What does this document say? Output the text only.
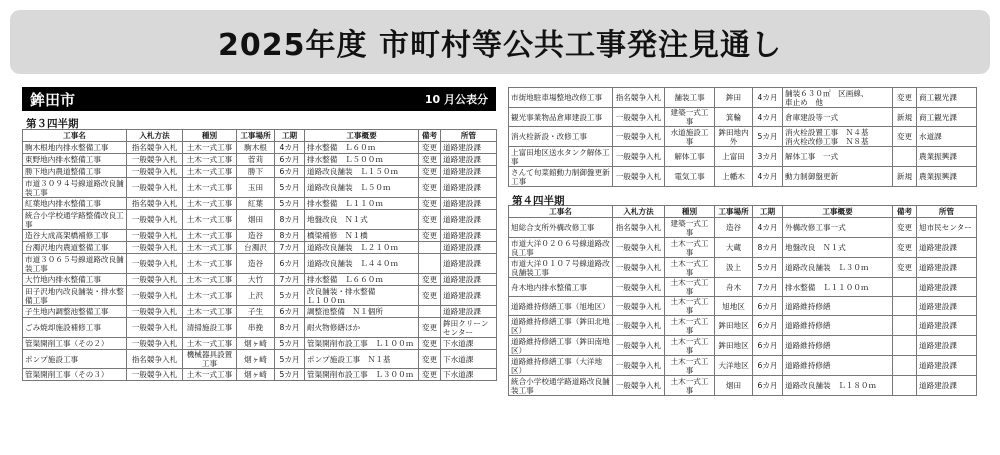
2025年度 市町村等公共工事発注見通し
鉾田市	10 月公表分
第３四半期
工事名	入札方法	種別	工事場所	工期	工事概要	備考	所管
駒木根地内排水整備工事	指名競争入札	土木一式工事	駒木根	4カ月	排水整備　Ｌ６０ｍ	変更	道路建設課
東野地内排水整備工事	一般競争入札	土木一式工事	菅苅	6カ月	排水整備　Ｌ５００ｍ	変更	道路建設課
勝下地内農道整備工事	一般競争入札	土木一式工事	勝下	6カ月	道路改良舗装　Ｌ１５０ｍ	変更	道路建設課
市道３０９４号線道路改良舗装工事	一般競争入札	土木一式工事	玉田	5カ月	道路改良舗装　Ｌ５０ｍ	変更	道路建設課
紅葉地内排水整備工事	指名競争入札	土木一式工事	紅葉	5カ月	排水整備　Ｌ１１０ｍ	変更	道路建設課
統合小学校通学路整備改良工事	一般競争入札	土木一式工事	烟田	8カ月	地盤改良　Ｎ１式	変更	道路建設課
造谷大成高架橋補修工事	一般競争入札	土木一式工事	造谷	8カ月	橋梁補修　Ｎ１橋	変更	道路建設課
台濁沢地内農道整備工事	一般競争入札	土木一式工事	台濁沢	7カ月	道路改良舗装　Ｌ２１０ｍ		道路建設課
市道３０６５号線道路改良舗装工事	一般競争入札	土木一式工事	造谷	6カ月	道路改良舗装　Ｌ４４０ｍ		道路建設課
大竹地内排水整備工事	一般競争入札	土木一式工事	大竹	7カ月	排水整備　Ｌ６６０ｍ	変更	道路建設課
田子沢地内改良舗装・排水整備工事	一般競争入札	土木一式工事	上沢	5カ月	改良舗装・排水整備
Ｌ１００ｍ	変更	道路建設課
子生地内調整池整備工事	一般競争入札	土木一式工事	子生	6カ月	調整池整備　Ｎ１個所		道路建設課
ごみ焼却施設補修工事	一般競争入札	清掃施設工事	串挽	8カ月	耐火物修繕ほか	変更	鉾田クリーンセンター
管渠開削工事（その２）	一般競争入札	土木一式工事	烟ヶ崎	5カ月	管渠開削布設工事　Ｌ１００ｍ	変更	下水道課
ポンプ施設工事	指名競争入札	機械器具設置工事	烟ヶ崎	5カ月	ポンプ施設工事　Ｎ１基	変更	下水道課
管渠開削工事（その３）	一般競争入札	土木一式工事	烟ヶ崎	5カ月	管渠開削布設工事　Ｌ３００ｍ	変更	下水道課
市街地駐車場整地改修工事	指名競争入札	舗装工事	鉾田	4カ月	舗装６３０㎡　区画線、
車止め　他	変更	商工観光課
観光事業物品倉庫建設工事	一般競争入札	建築一式工事	箕輪	4カ月	倉庫建設等一式	新規	商工観光課
消火栓新設・改修工事	一般競争入札	水道施設工事	鉾田地内外	5カ月	消火栓設置工事　Ｎ４基
消火栓改修工事　Ｎ８基	変更	水道課
上富田地区送水タンク解体工事	一般競争入札	解体工事	上富田	3カ月	解体工事　一式		農業振興課
さんて旬菜館動力制御盤更新工事	一般競争入札	電気工事	上幡木	4カ月	動力制御盤更新	新規	農業振興課
第４四半期
工事名	入札方法	種別	工事場所	工期	工事概要	備考	所管
旭総合支所外構改修工事	指名競争入札	建築一式工事	造谷	4カ月	外構改修工事一式	変更	旭市民センター
市道大洋０２０６号線道路改良工事	一般競争入札	土木一式工事	大蔵	8カ月	地盤改良　Ｎ１式	変更	道路建設課
市道大洋０１０７号線道路改良舗装工事	一般競争入札	土木一式工事	汲上	5カ月	道路改良舗装　Ｌ３０ｍ	変更	道路建設課
舟木地内排水整備工事	一般競争入札	土木一式工事	舟木	7カ月	排水整備　Ｌ１１００ｍ		道路建設課
道路維持修繕工事（旭地区）	一般競争入札	土木一式工事	旭地区	6カ月	道路維持修繕		道路建設課
道路維持修繕工事（鉾田北地区）	一般競争入札	土木一式工事	鉾田地区	6カ月	道路維持修繕		道路建設課
道路維持修繕工事（鉾田南地区）	一般競争入札	土木一式工事	鉾田地区	6カ月	道路維持修繕		道路建設課
道路維持修繕工事（大洋地区）	一般競争入札	土木一式工事	大洋地区	6カ月	道路維持修繕		道路建設課
統合小学校通学路道路改良舗装工事	一般競争入札	土木一式工事	烟田	6カ月	道路改良舗装　Ｌ１８０ｍ		道路建設課
